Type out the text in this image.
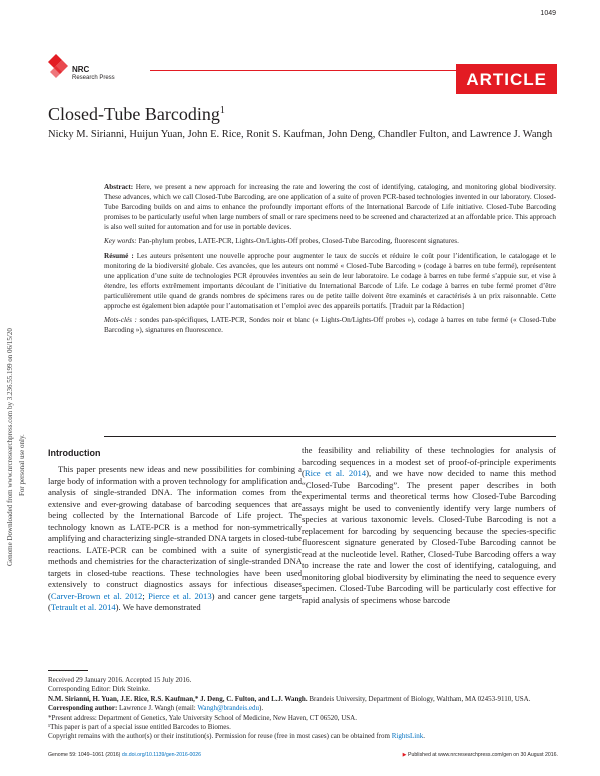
1049
NRC
Research Press	ARTICLE
Closed-Tube Barcoding$^1$
Nicky M. Sirianni, Huijun Yuan, John E. Rice, Ronit S. Kaufman, John Deng, Chandler Fulton, and Lawrence J. Wangh
Genome Downloaded from www.nrcresearchpress.com by 3.236.55.199 on 06/15/20 For personal use only.

Abstract: Here, we present a new approach for increasing the rate and lowering the cost of identifying, cataloging, and monitoring global biodiversity. These advances, which we call Closed-Tube Barcoding, are one application of a suite of proven PCR-based technologies invented in our laboratory. Closed-Tube Barcoding builds on and aims to enhance the profoundly important efforts of the International Barcode of Life initiative. Closed-Tube Barcoding promises to be particularly useful when large numbers of small or rare specimens need to be screened and characterized at an affordable price. This approach is also well suited for automation and for use in portable devices.

Key words: Pan-phylum probes, LATE-PCR, Lights-On/Lights-Off probes, Closed-Tube Barcoding, fluorescent signatures.

Résumé : Les auteurs présentent une nouvelle approche pour augmenter le taux de succès et réduire le coût pour l’identification, le catalogage et le monitoring de la biodiversité globale. Ces avancées, que les auteurs ont nommé « Closed-Tube Barcoding » (codage à barres en tube fermé), représentent une application d’une suite de technologies PCR éprouvées inventées au sein de leur laboratoire. Le codage à barres en tube fermé s’appuie sur, et vise à étendre, les efforts extrêmement importants découlant de l’initiative du International Barcode of Life. Le codage à barres en tube fermé promet d’être particulièrement utile quand de grands nombres de spécimens rares ou de petite taille doivent être examinés et caractérisés à un prix raisonnable. Cette approche est également bien adaptée pour l’automatisation et l’emploi avec des appareils portatifs. [Traduit par la Rédaction]

Mots-clés : sondes pan-spécifiques, LATE-PCR, Sondes noir et blanc (« Lights-On/Lights-Off probes »), codage à barres en tube fermé (« Closed-Tube Barcoding »), signatures en fluorescence.

Introduction
This paper presents new ideas and new possibilities for combining a large body of information with a proven technology for amplification and analysis of single-stranded DNA. The information comes from the extensive and ever-growing database of barcoding sequences that are being collected by the International Barcode of Life project. The technology known as LATE-PCR is a method for non-symmetrically amplifying and characterizing single-stranded DNA targets in closed-tube reactions. LATE-PCR can be combined with a suite of synergistic methods and chemistries for the characterization of single-stranded DNA targets in closed-tube reactions. These technologies have been used extensively to construct diagnostics assays for infectious diseases (Carver-Brown et al. 2012; Pierce et al. 2013) and cancer gene targets (Tetrault et al. 2014). We have demonstrated
the feasibility and reliability of these technologies for analysis of barcoding sequences in a modest set of proof-of-principle experiments (Rice et al. 2014), and we have now decided to name this method “Closed-Tube Barcoding”. The present paper describes in both experimental terms and theoretical terms how Closed-Tube Barcoding assays might be used to conveniently identify very large numbers of species at various taxonomic levels. Closed-Tube Barcoding is not a replacement for barcoding by sequencing because the species-specific fluorescent signature generated by Closed-Tube Barcoding cannot be read at the nucleotide level. Rather, Closed-Tube Barcoding offers a way to increase the rate and lower the cost of identifying, cataloguing, and monitoring global biodiversity by eliminating the need to sequence every specimen. Closed-Tube Barcoding will be particularly cost effective for rapid analysis of specimens whose barcode

Received 29 January 2016. Accepted 15 July 2016.

Corresponding Editor: Dirk Steinke.

N.M. Sirianni, H. Yuan, J.E. Rice, R.S. Kaufman,* J. Deng, C. Fulton, and L.J. Wangh. Brandeis University, Department of Biology, Waltham, MA 02453-9110, USA.

Corresponding author: Lawrence J. Wangh (email: Wangh@brandeis.edu).

*Present address: Department of Genetics, Yale University School of Medicine, New Haven, CT 06520, USA.

¹This paper is part of a special issue entitled Barcodes to Biomes.

Copyright remains with the author(s) or their institution(s). Permission for reuse (free in most cases) can be obtained from RightsLink.

Genome 59: 1049–1061 (2016) dx.doi.org/10.1139/gen-2016-0026	▶ Published at www.nrcresearchpress.com/gen on 30 August 2016.
